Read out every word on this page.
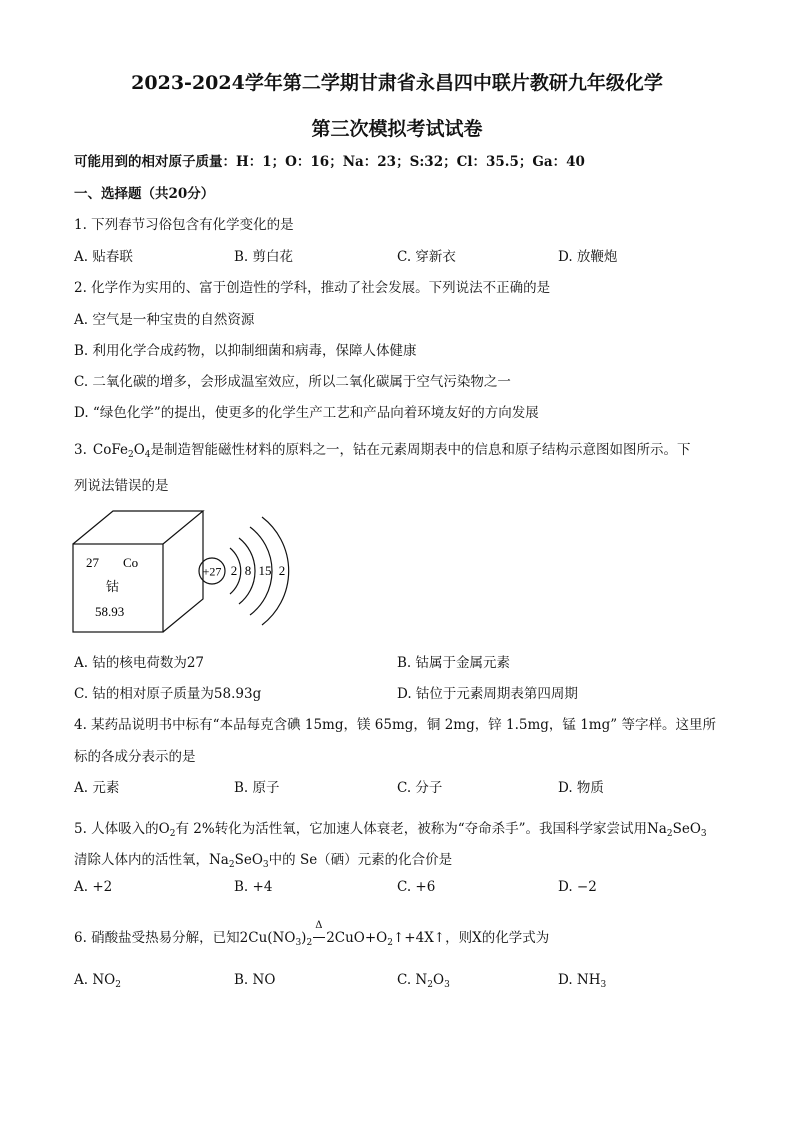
2023-2024学年第二学期甘肃省永昌四中联片教研九年级化学
第三次模拟考试试卷
可能用到的相对原子质量：H：1；O：16；Na：23；S:32；Cl：35.5；Ga：40
一、选择题（共20分）
1. 下列春节习俗包含有化学变化的是
A. 贴春联	B. 剪白花	C. 穿新衣	D. 放鞭炮
2. 化学作为实用的、富于创造性的学科，推动了社会发展。下列说法不正确的是
A. 空气是一种宝贵的自然资源
B. 利用化学合成药物，以抑制细菌和病毒，保障人体健康
C. 二氧化碳的增多，会形成温室效应，所以二氧化碳属于空气污染物之一
D. “绿色化学”的提出，使更多的化学生产工艺和产品向着环境友好的方向发展
3. $CoFe_2O_4$是制造智能磁性材料的原料之一，钴在元素周期表中的信息和原子结构示意图如图所示。下
列说法错误的是
27 Co
钴
58.93
+27 2 8 15 2
A. 钴的核电荷数为27	B. 钴属于金属元素
C. 钴的相对原子质量为58.93g	D. 钴位于元素周期表第四周期
4. 某药品说明书中标有“本品每克含碘 15mg，镁 65mg，铜 2mg，锌 1.5mg，锰 1mg” 等字样。这里所
标的各成分表示的是
A. 元素	B. 原子	C. 分子	D. 物质
5. 人体吸入的$O_2$有 2%转化为活性氧，它加速人体衰老，被称为“夺命杀手”。我国科学家尝试用$Na_2SeO_3$
清除人体内的活性氧，$Na_2SeO_3$中的 Se（硒）元素的化合价是
A. +2	B. +4	C. +6	D. −2
6. 硝酸盐受热易分解，已知$2Cu(NO_3)_2$
Δ
$2CuO+O_2↑+4X↑$，则X的化学式为
A. $NO_2$	B. NO	C. $N_2O_3$	D. $NH_3$
